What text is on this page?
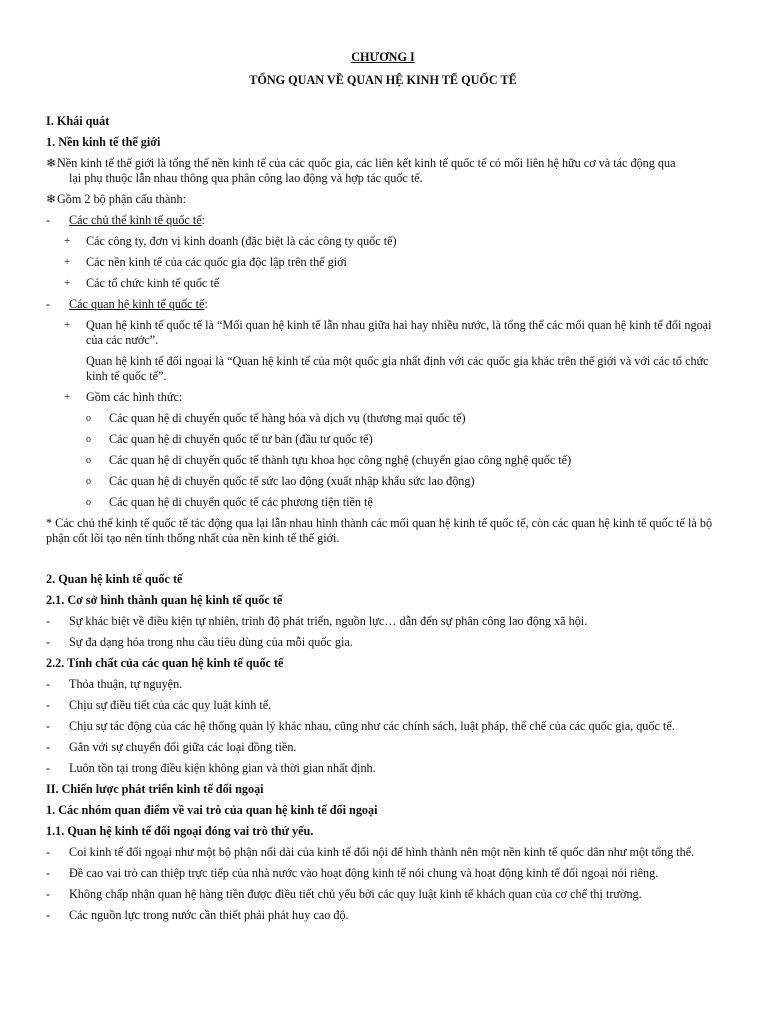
CHƯƠNG I
TỔNG QUAN VỀ QUAN HỆ KINH TẾ QUỐC TẾ
I. Khái quát
1. Nền kinh tế thế giới
❄ Nền kinh tế thế giới là tổng thể nền kinh tế của các quốc gia, các liên kết kinh tế quốc tế có mối liên hệ hữu cơ và tác động qua
lại phụ thuộc lẫn nhau thông qua phân công lao động và hợp tác quốc tế.
❄ Gồm 2 bộ phận cấu thành:
-	Các chủ thể kinh tế quốc tế:
+	Các công ty, đơn vị kinh doanh (đặc biệt là các công ty quốc tế)
+	Các nền kinh tế của các quốc gia độc lập trên thế giới
+	Các tổ chức kinh tế quốc tế
-	Các quan hệ kinh tế quốc tế:
+	Quan hệ kinh tế quốc tế là “Mối quan hệ kinh tế lẫn nhau giữa hai hay nhiều nước, là tổng thể các mối quan hệ kinh tế đối ngoại của các nước”.
Quan hệ kinh tế đối ngoại là “Quan hệ kinh tế của một quốc gia nhất định với các quốc gia khác trên thế giới và với các tổ chức kinh tế quốc tế”.
+	Gồm các hình thức:
o	Các quan hệ di chuyển quốc tế hàng hóa và dịch vụ (thương mại quốc tế)
o	Các quan hệ di chuyển quốc tế tư bản (đầu tư quốc tế)
o	Các quan hệ di chuyển quốc tế thành tựu khoa học công nghệ (chuyển giao công nghệ quốc tế)
o	Các quan hệ di chuyển quốc tế sức lao động (xuất nhập khẩu sức lao động)
o	Các quan hệ di chuyển quốc tế các phương tiện tiền tệ
* Các chủ thể kinh tế quốc tế tác động qua lại lẫn nhau hình thành các mối quan hệ kinh tế quốc tế, còn các quan hệ kinh tế quốc tế là bộ phận cốt lõi tạo nên tính thống nhất của nền kinh tế thế giới.
2. Quan hệ kinh tế quốc tế
2.1. Cơ sở hình thành quan hệ kinh tế quốc tế
-	Sự khác biệt về điều kiện tự nhiên, trình độ phát triển, nguồn lực… dẫn đến sự phân công lao động xã hội.
-	Sự đa dạng hóa trong nhu cầu tiêu dùng của mỗi quốc gia.
2.2. Tính chất của các quan hệ kinh tế quốc tế
-	Thỏa thuận, tự nguyện.
-	Chịu sự điều tiết của các quy luật kinh tế.
-	Chịu sự tác động của các hệ thống quản lý khác nhau, cũng như các chính sách, luật pháp, thể chế của các quốc gia, quốc tế.
-	Gắn với sự chuyển đổi giữa các loại đồng tiền.
-	Luôn tồn tại trong điều kiện không gian và thời gian nhất định.
II. Chiến lược phát triển kinh tế đối ngoại
1. Các nhóm quan điểm về vai trò của quan hệ kinh tế đối ngoại
1.1. Quan hệ kinh tế đối ngoại đóng vai trò thứ yếu.
-	Coi kinh tế đối ngoại như một bộ phận nối dài của kinh tế đối nội để hình thành nên một nền kinh tế quốc dân như một tổng thể.
-	Đề cao vai trò can thiệp trực tiếp của nhà nước vào hoạt động kinh tế nói chung và hoạt động kinh tế đối ngoại nói riêng.
-	Không chấp nhận quan hệ hàng tiền được điều tiết chủ yếu bởi các quy luật kinh tế khách quan của cơ chế thị trường.
-	Các nguồn lực trong nước cần thiết phải phát huy cao độ.
